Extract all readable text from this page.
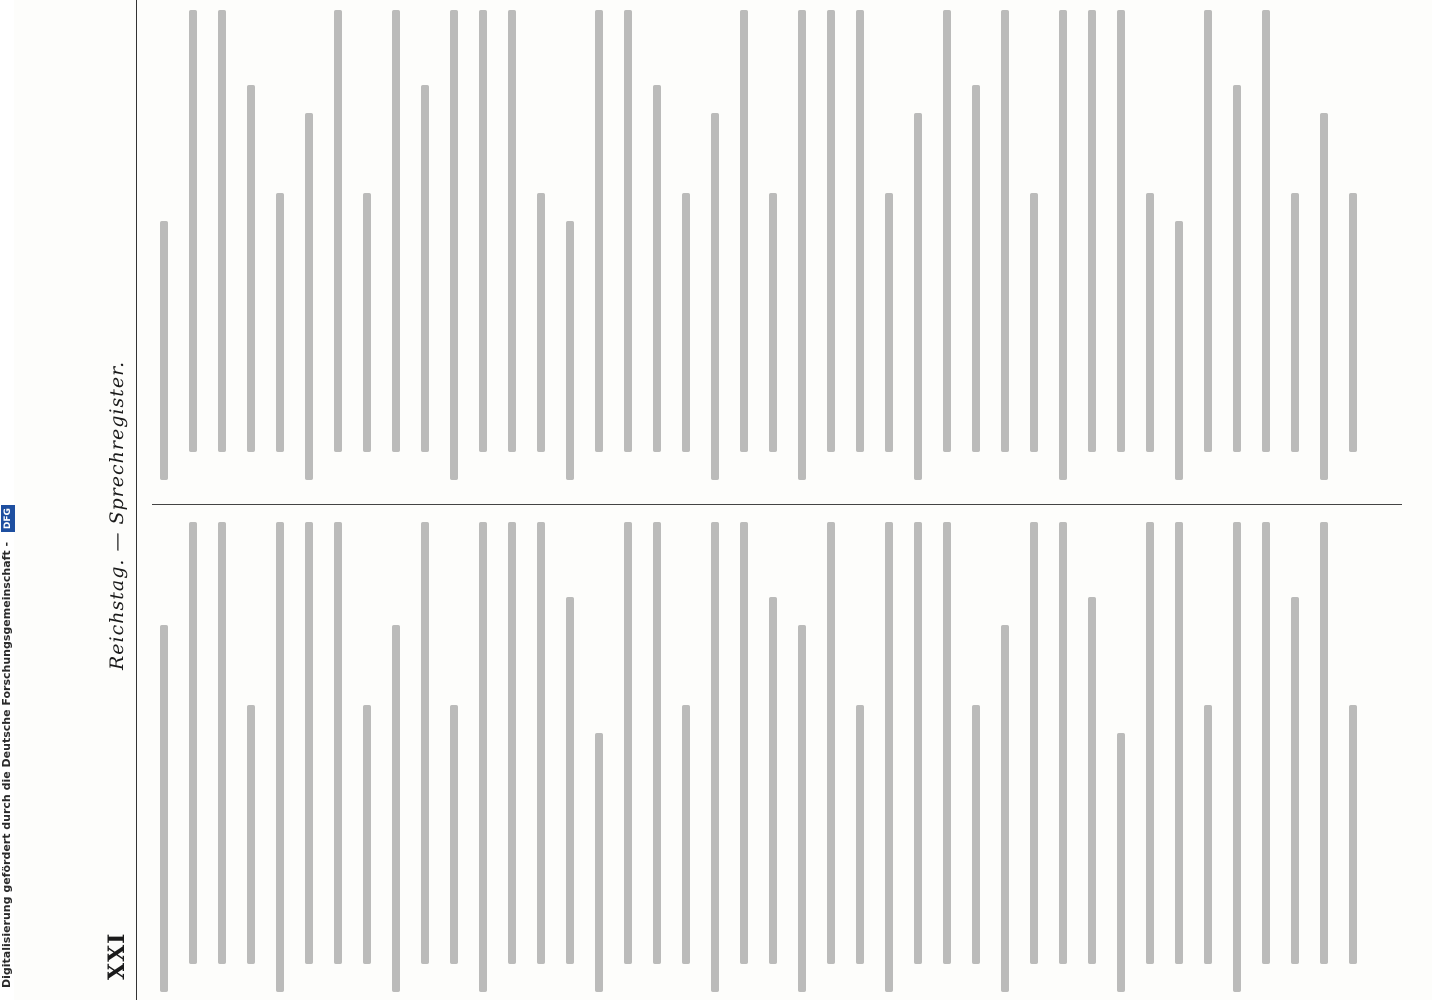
Digitalisierung gefördert durch die Deutsche Forschungsgemeinschaft - DFG
XXI
Reichstag. — Sprechregister.
